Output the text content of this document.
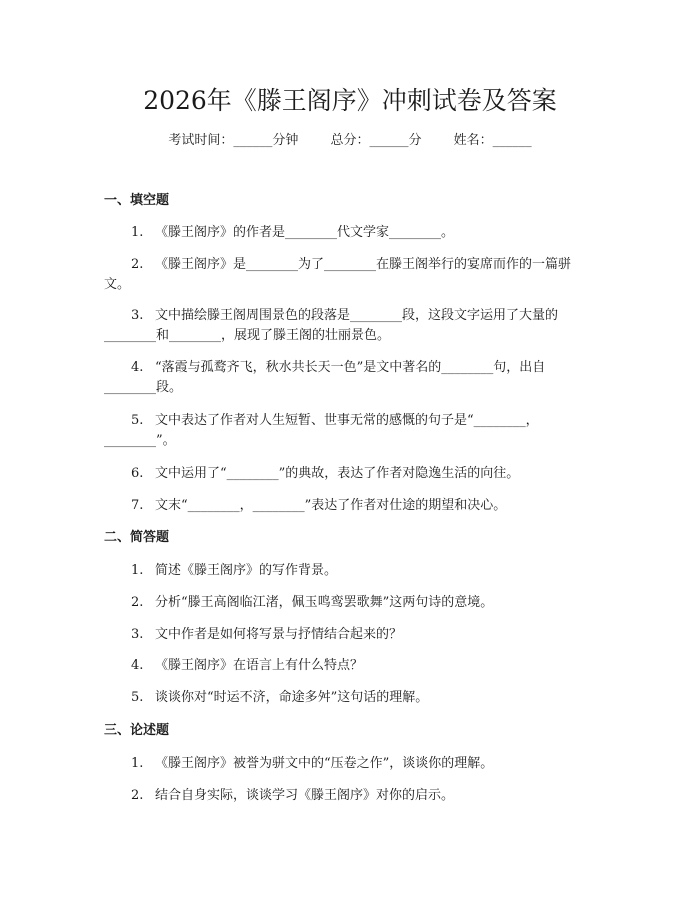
2026年《滕王阁序》冲刺试卷及答案
考试时间：______分钟 总分：______分 姓名：______
一、填空题
1. 《滕王阁序》的作者是________代文学家________。
2. 《滕王阁序》是________为了________在滕王阁举行的宴席而作的一篇骈
文。
3. 文中描绘滕王阁周围景色的段落是________段，这段文字运用了大量的
________和________，展现了滕王阁的壮丽景色。
4. “落霞与孤鹜齐飞，秋水共长天一色”是文中著名的________句，出自
________段。
5. 文中表达了作者对人生短暂、世事无常的感慨的句子是“________，
________”。
6. 文中运用了“________”的典故，表达了作者对隐逸生活的向往。
7. 文末“________，________”表达了作者对仕途的期望和决心。
二、简答题
1. 简述《滕王阁序》的写作背景。
2. 分析“滕王高阁临江渚，佩玉鸣鸾罢歌舞”这两句诗的意境。
3. 文中作者是如何将写景与抒情结合起来的？
4. 《滕王阁序》在语言上有什么特点？
5. 谈谈你对“时运不济，命途多舛”这句话的理解。
三、论述题
1. 《滕王阁序》被誉为骈文中的“压卷之作”，谈谈你的理解。
2. 结合自身实际，谈谈学习《滕王阁序》对你的启示。
